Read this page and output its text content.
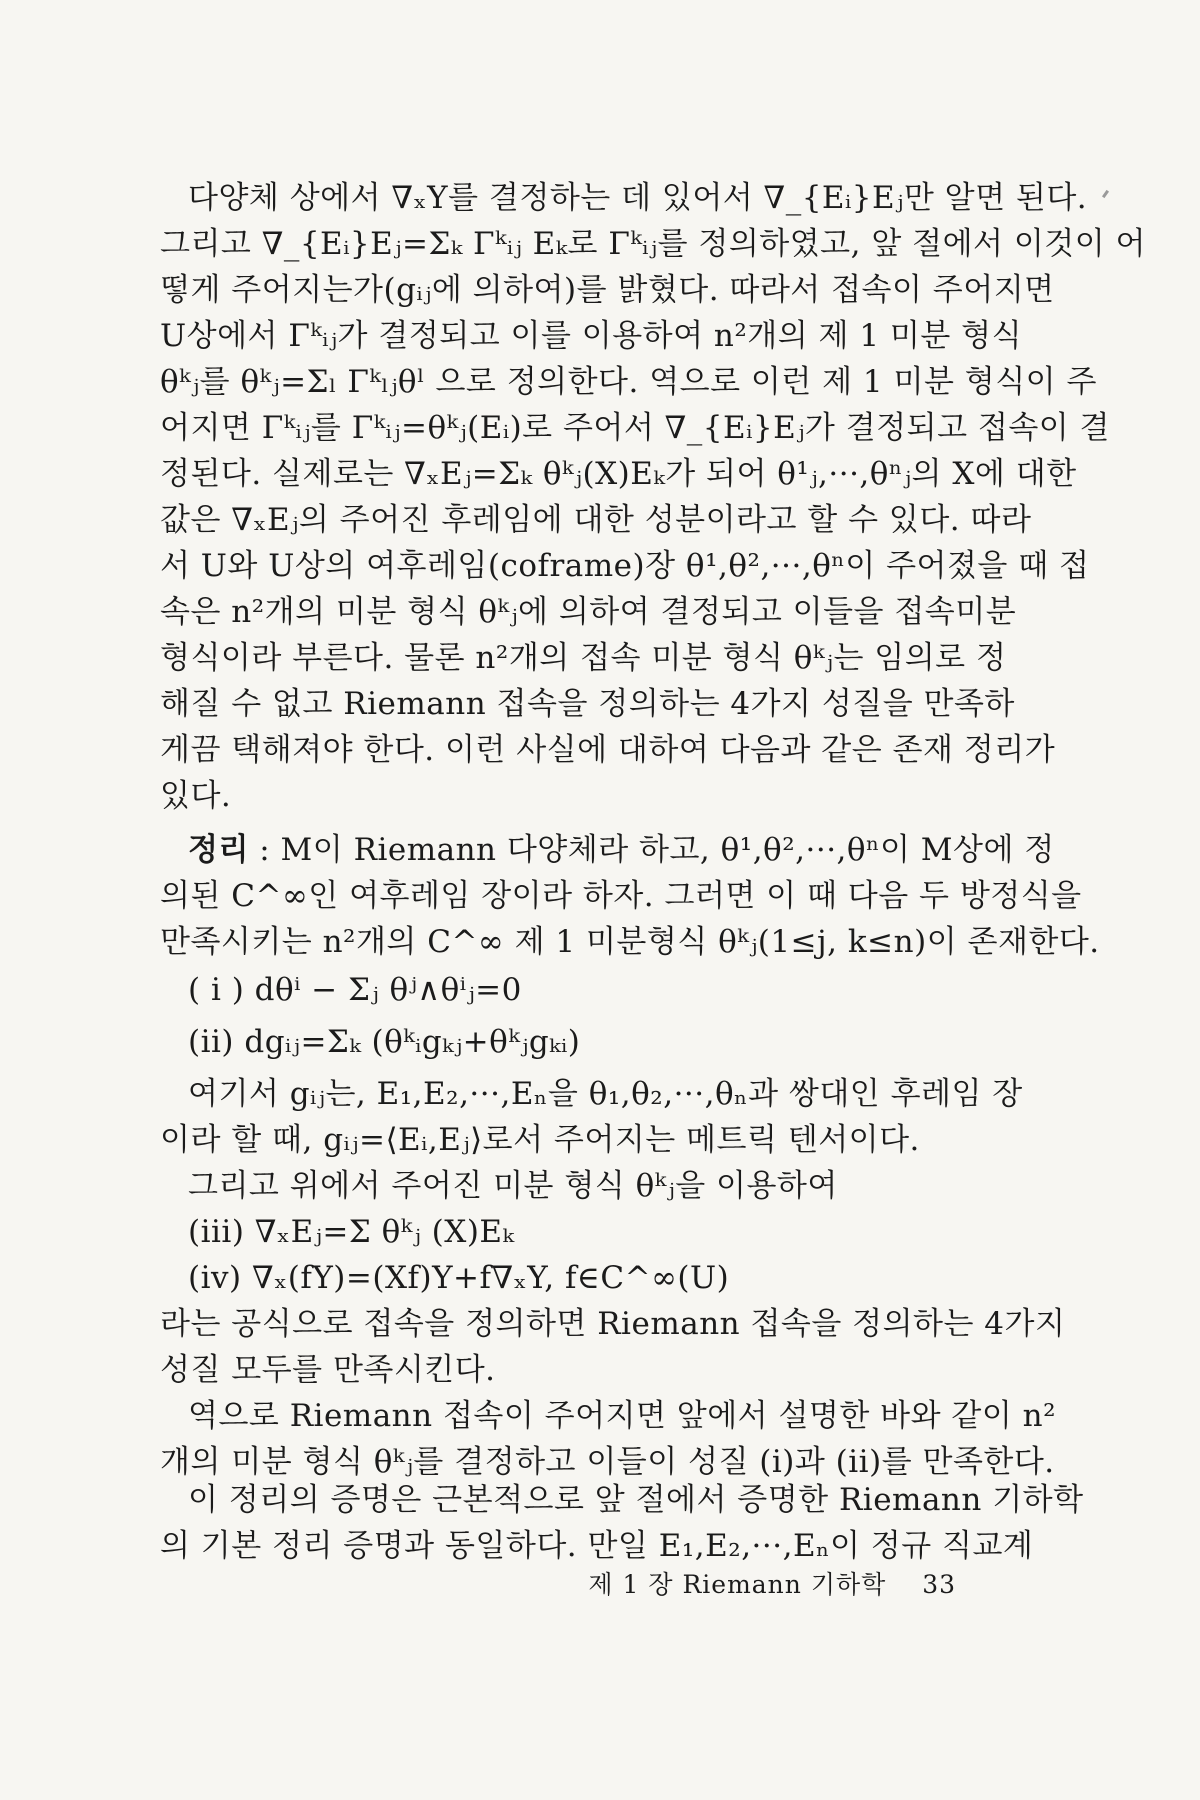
다양체 상에서 ∇ₓY를 결정하는 데 있어서 ∇_{Eᵢ}Eⱼ만 알면 된다.
그리고 ∇_{Eᵢ}Eⱼ=Σₖ Γᵏᵢⱼ Eₖ로 Γᵏᵢⱼ를 정의하였고, 앞 절에서 이것이 어
떻게 주어지는가(gᵢⱼ에 의하여)를 밝혔다. 따라서 접속이 주어지면
U상에서 Γᵏᵢⱼ가 결정되고 이를 이용하여 n²개의 제 1 미분 형식
θᵏⱼ를 θᵏⱼ=Σₗ Γᵏₗⱼθˡ 으로 정의한다. 역으로 이런 제 1 미분 형식이 주
어지면 Γᵏᵢⱼ를 Γᵏᵢⱼ=θᵏⱼ(Eᵢ)로 주어서 ∇_{Eᵢ}Eⱼ가 결정되고 접속이 결
정된다. 실제로는 ∇ₓEⱼ=Σₖ θᵏⱼ(X)Eₖ가 되어 θ¹ⱼ,···,θⁿⱼ의 X에 대한
값은 ∇ₓEⱼ의 주어진 후레임에 대한 성분이라고 할 수 있다. 따라
서 U와 U상의 여후레임(coframe)장 θ¹,θ²,···,θⁿ이 주어졌을 때 접
속은 n²개의 미분 형식 θᵏⱼ에 의하여 결정되고 이들을 접속미분
형식이라 부른다. 물론 n²개의 접속 미분 형식 θᵏⱼ는 임의로 정
해질 수 없고 Riemann 접속을 정의하는 4가지 성질을 만족하
게끔 택해져야 한다. 이런 사실에 대하여 다음과 같은 존재 정리가
있다.
정리 : M이 Riemann 다양체라 하고, θ¹,θ²,···,θⁿ이 M상에 정
의된 C^∞인 여후레임 장이라 하자. 그러면 이 때 다음 두 방정식을
만족시키는 n²개의 C^∞ 제 1 미분형식 θᵏⱼ(1≤j, k≤n)이 존재한다.
( i ) dθⁱ − Σⱼ θʲ∧θⁱⱼ=0
(ii) dgᵢⱼ=Σₖ (θᵏᵢgₖⱼ+θᵏⱼgₖᵢ)
여기서 gᵢⱼ는, E₁,E₂,···,Eₙ을 θ₁,θ₂,···,θₙ과 쌍대인 후레임 장
이라 할 때, gᵢⱼ=⟨Eᵢ,Eⱼ⟩로서 주어지는 메트릭 텐서이다.
그리고 위에서 주어진 미분 형식 θᵏⱼ을 이용하여
(iii) ∇ₓEⱼ=Σ θᵏⱼ (X)Eₖ
(iv) ∇ₓ(fY)=(Xf)Y+f∇ₓY, f∈C^∞(U)
라는 공식으로 접속을 정의하면 Riemann 접속을 정의하는 4가지
성질 모두를 만족시킨다.
역으로 Riemann 접속이 주어지면 앞에서 설명한 바와 같이 n²
개의 미분 형식 θᵏⱼ를 결정하고 이들이 성질 (i)과 (ii)를 만족한다.
이 정리의 증명은 근본적으로 앞 절에서 증명한 Riemann 기하학
의 기본 정리 증명과 동일하다. 만일 E₁,E₂,···,Eₙ이 정규 직교계
제 1 장 Riemann 기하학 33
